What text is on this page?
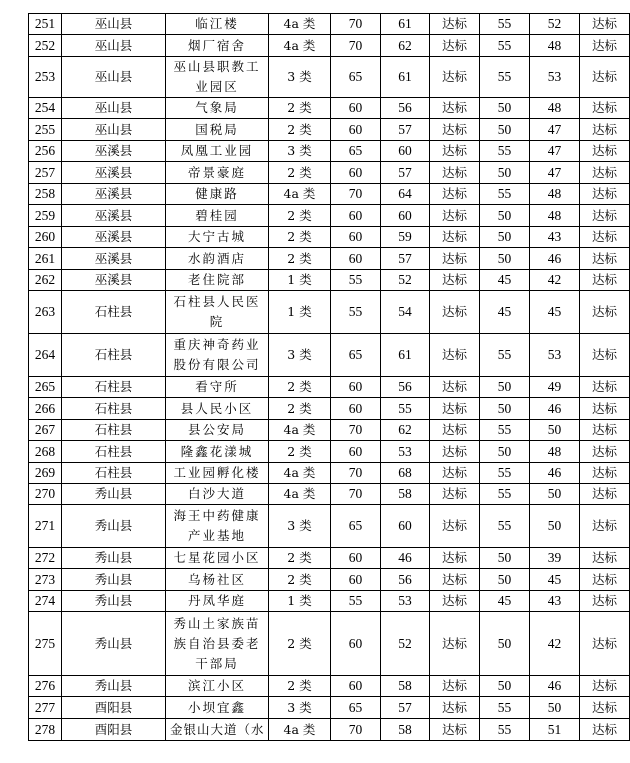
251	巫山县	临江楼	4a 类	70	61	达标	55	52	达标
252	巫山县	烟厂宿舍	4a 类	70	62	达标	55	48	达标
253	巫山县	巫山县职教工业园区	3 类	65	61	达标	55	53	达标
254	巫山县	气象局	2 类	60	56	达标	50	48	达标
255	巫山县	国税局	2 类	60	57	达标	50	47	达标
256	巫溪县	凤凰工业园	3 类	65	60	达标	55	47	达标
257	巫溪县	帝景豪庭	2 类	60	57	达标	50	47	达标
258	巫溪县	健康路	4a 类	70	64	达标	55	48	达标
259	巫溪县	碧桂园	2 类	60	60	达标	50	48	达标
260	巫溪县	大宁古城	2 类	60	59	达标	50	43	达标
261	巫溪县	水韵酒店	2 类	60	57	达标	50	46	达标
262	巫溪县	老住院部	1 类	55	52	达标	45	42	达标
263	石柱县	石柱县人民医院	1 类	55	54	达标	45	45	达标
264	石柱县	重庆神奇药业股份有限公司	3 类	65	61	达标	55	53	达标
265	石柱县	看守所	2 类	60	56	达标	50	49	达标
266	石柱县	县人民小区	2 类	60	55	达标	50	46	达标
267	石柱县	县公安局	4a 类	70	62	达标	55	50	达标
268	石柱县	隆鑫花漾城	2 类	60	53	达标	50	48	达标
269	石柱县	工业园孵化楼	4a 类	70	68	达标	55	46	达标
270	秀山县	白沙大道	4a 类	70	58	达标	55	50	达标
271	秀山县	海王中药健康产业基地	3 类	65	60	达标	55	50	达标
272	秀山县	七星花园小区	2 类	60	46	达标	50	39	达标
273	秀山县	乌杨社区	2 类	60	56	达标	50	45	达标
274	秀山县	丹凤华庭	1 类	55	53	达标	45	43	达标
275	秀山县	秀山土家族苗族自治县委老干部局	2 类	60	52	达标	50	42	达标
276	秀山县	滨江小区	2 类	60	58	达标	50	46	达标
277	酉阳县	小坝宜鑫	3 类	65	57	达标	55	50	达标
278	酉阳县	金银山大道（水	4a 类	70	58	达标	55	51	达标
